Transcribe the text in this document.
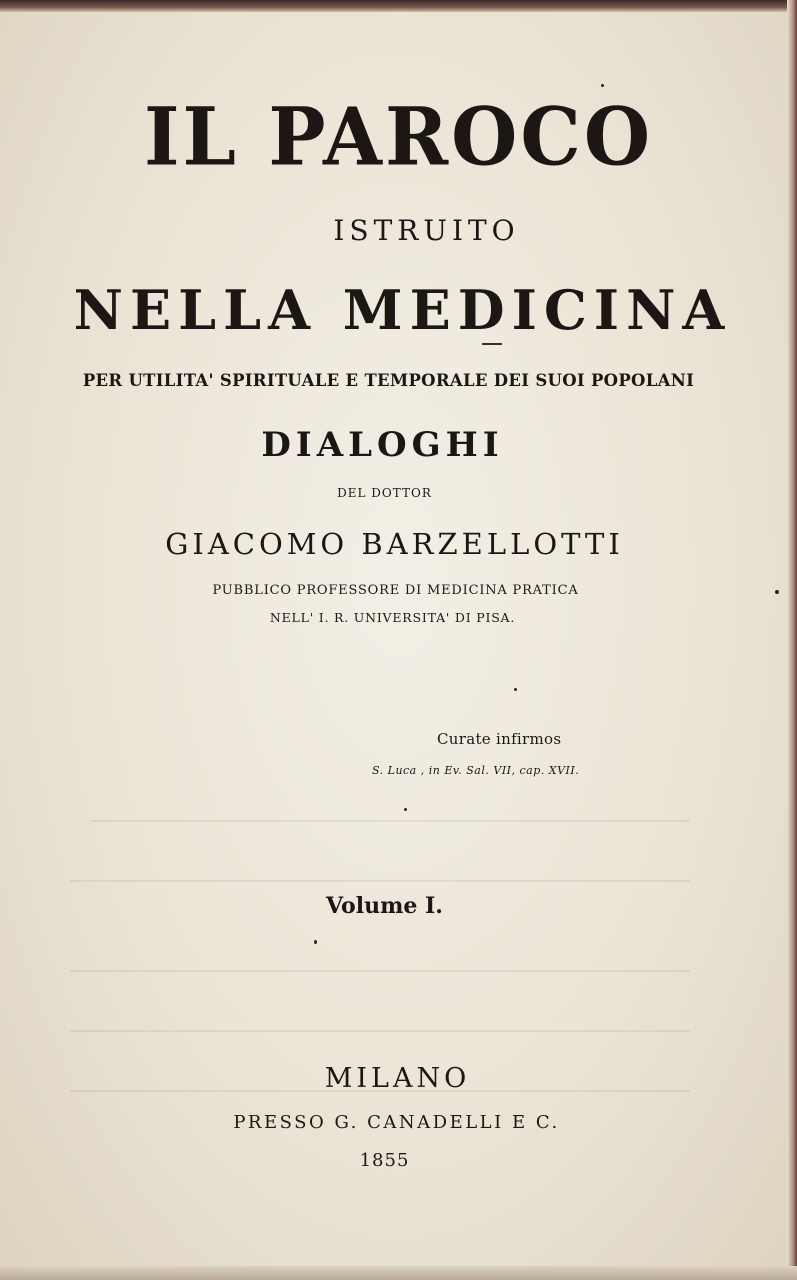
IL PAROCO
ISTRUITO
NELLA MEDICINA
PER UTILITA' SPIRITUALE E TEMPORALE DEI SUOI POPOLANI
DIALOGHI
DEL DOTTOR
GIACOMO BARZELLOTTI
PUBBLICO PROFESSORE DI MEDICINA PRATICA
NELL' I. R. UNIVERSITA' DI PISA.
Curate infirmos
S. Luca , in Ev. Sal. VII, cap. XVII.
Volume I.
MILANO
PRESSO G. CANADELLI E C.
1855
